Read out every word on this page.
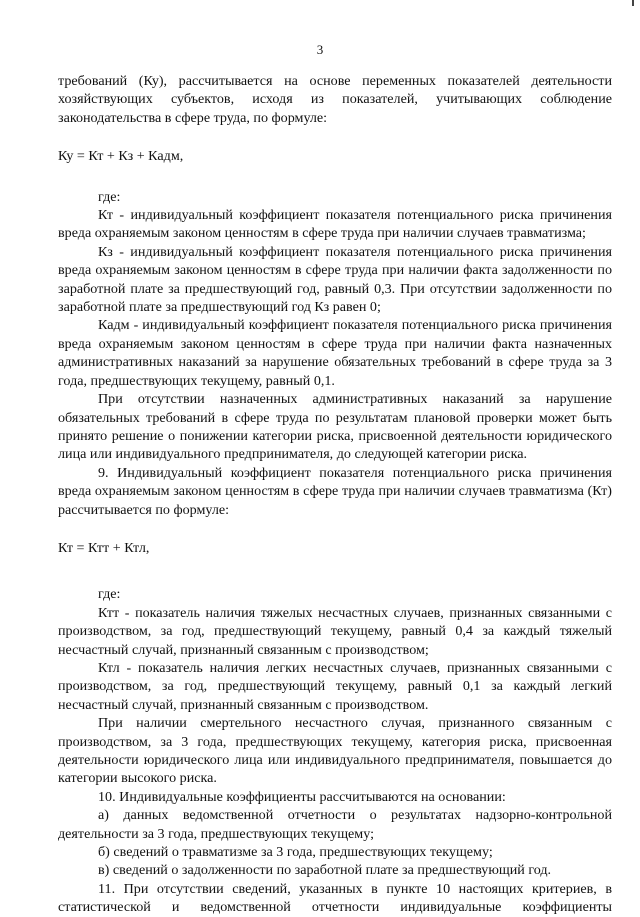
3

требований (Ку), рассчитывается на основе переменных показателей деятельности хозяйствующих субъектов, исходя из показателей, учитывающих соблюдение законодательства в сфере труда, по формуле:

Ку = Кт + Кз + Кадм,

где:

Кт - индивидуальный коэффициент показателя потенциального риска причинения вреда охраняемым законом ценностям в сфере труда при наличии случаев травматизма;

Кз - индивидуальный коэффициент показателя потенциального риска причинения вреда охраняемым законом ценностям в сфере труда при наличии факта задолженности по заработной плате за предшествующий год, равный 0,3. При отсутствии задолженности по заработной плате за предшествующий год Кз равен 0;

Кадм - индивидуальный коэффициент показателя потенциального риска причинения вреда охраняемым законом ценностям в сфере труда при наличии факта назначенных административных наказаний за нарушение обязательных требований в сфере труда за 3 года, предшествующих текущему, равный 0,1.

При отсутствии назначенных административных наказаний за нарушение обязательных требований в сфере труда по результатам плановой проверки может быть принято решение о понижении категории риска, присвоенной деятельности юридического лица или индивидуального предпринимателя, до следующей категории риска.

9. Индивидуальный коэффициент показателя потенциального риска причинения вреда охраняемым законом ценностям в сфере труда при наличии случаев травматизма (Кт) рассчитывается по формуле:

Кт = Ктт + Ктл,

где:

Ктт - показатель наличия тяжелых несчастных случаев, признанных связанными с производством, за год, предшествующий текущему, равный 0,4 за каждый тяжелый несчастный случай, признанный связанным с производством;

Ктл - показатель наличия легких несчастных случаев, признанных связанными с производством, за год, предшествующий текущему, равный 0,1 за каждый легкий несчастный случай, признанный связанным с производством.

При наличии смертельного несчастного случая, признанного связанным с производством, за 3 года, предшествующих текущему, категория риска, присвоенная деятельности юридического лица или индивидуального предпринимателя, повышается до категории высокого риска.

10. Индивидуальные коэффициенты рассчитываются на основании:

а) данных ведомственной отчетности о результатах надзорно-контрольной деятельности за 3 года, предшествующих текущему;

б) сведений о травматизме за 3 года, предшествующих текущему;

в) сведений о задолженности по заработной плате за предшествующий год.

11. При отсутствии сведений, указанных в пункте 10 настоящих критериев, в статистической и ведомственной отчетности индивидуальные коэффициенты
